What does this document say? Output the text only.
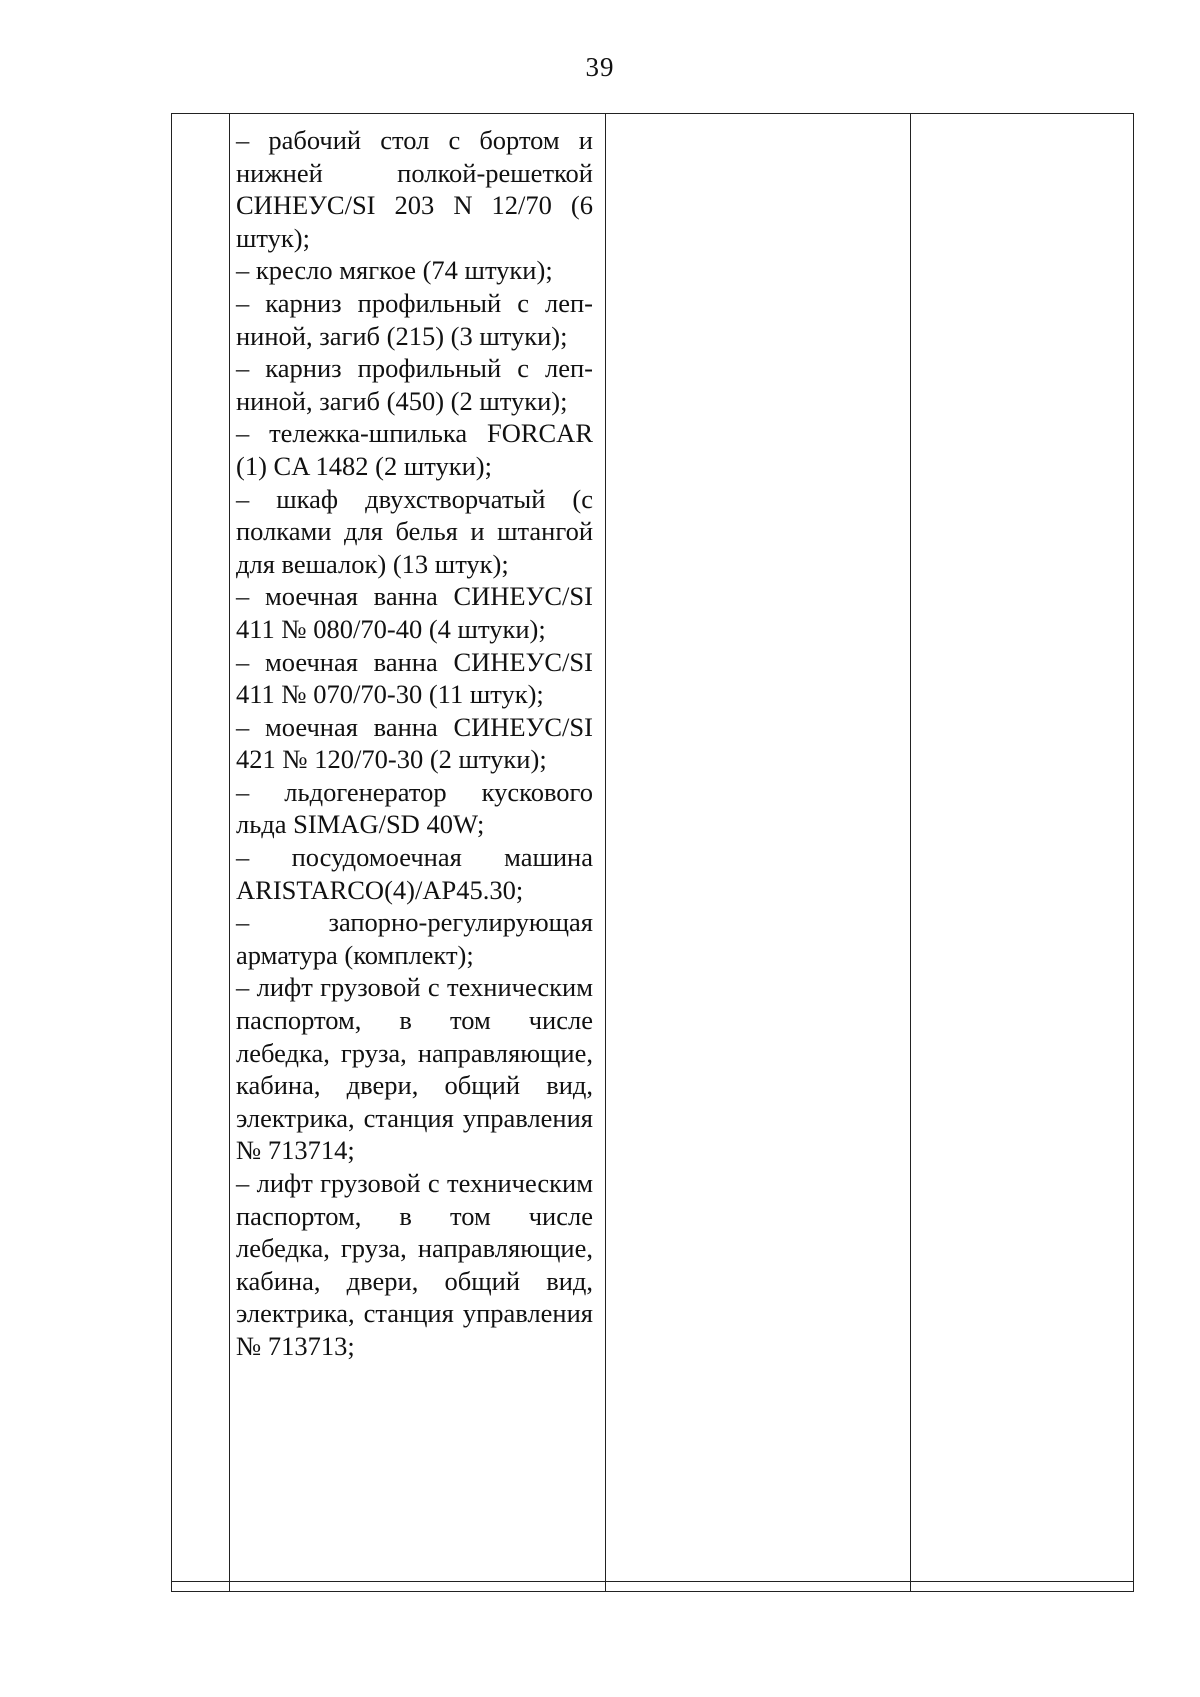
39

– рабочий стол с бортом и нижней полкой-решеткой СИНЕУС/SI 203 N 12/70 (6 штук);

– кресло мягкое (74 штуки);

– карниз профильный с лепниной, загиб (215) (3 штуки);

– карниз профильный с лепниной, загиб (450) (2 штуки);

– тележка-шпилька FORCAR (1) CA 1482 (2 штуки);

– шкаф двухстворчатый (с полками для белья и штангой для вешалок) (13 штук);

– моечная ванна СИНЕУС/SI 411 № 080/70-40 (4 штуки);

– моечная ванна СИНЕУС/SI 411 № 070/70-30 (11 штук);

– моечная ванна СИНЕУС/SI 421 № 120/70-30 (2 штуки);

– льдогенератор кускового льда SIMAG/SD 40W;

– посудомоечная машина ARISTARCO(4)/AP45.30;

– запорно-регулирующая арматура (комплект);

– лифт грузовой с техническим паспортом, в том числе лебедка, груза, направляющие, кабина, двери, общий вид, электрика, станция управления № 713714;

– лифт грузовой с техническим паспортом, в том числе лебедка, груза, направляющие, кабина, двери, общий вид, электрика, станция управления № 713713;
